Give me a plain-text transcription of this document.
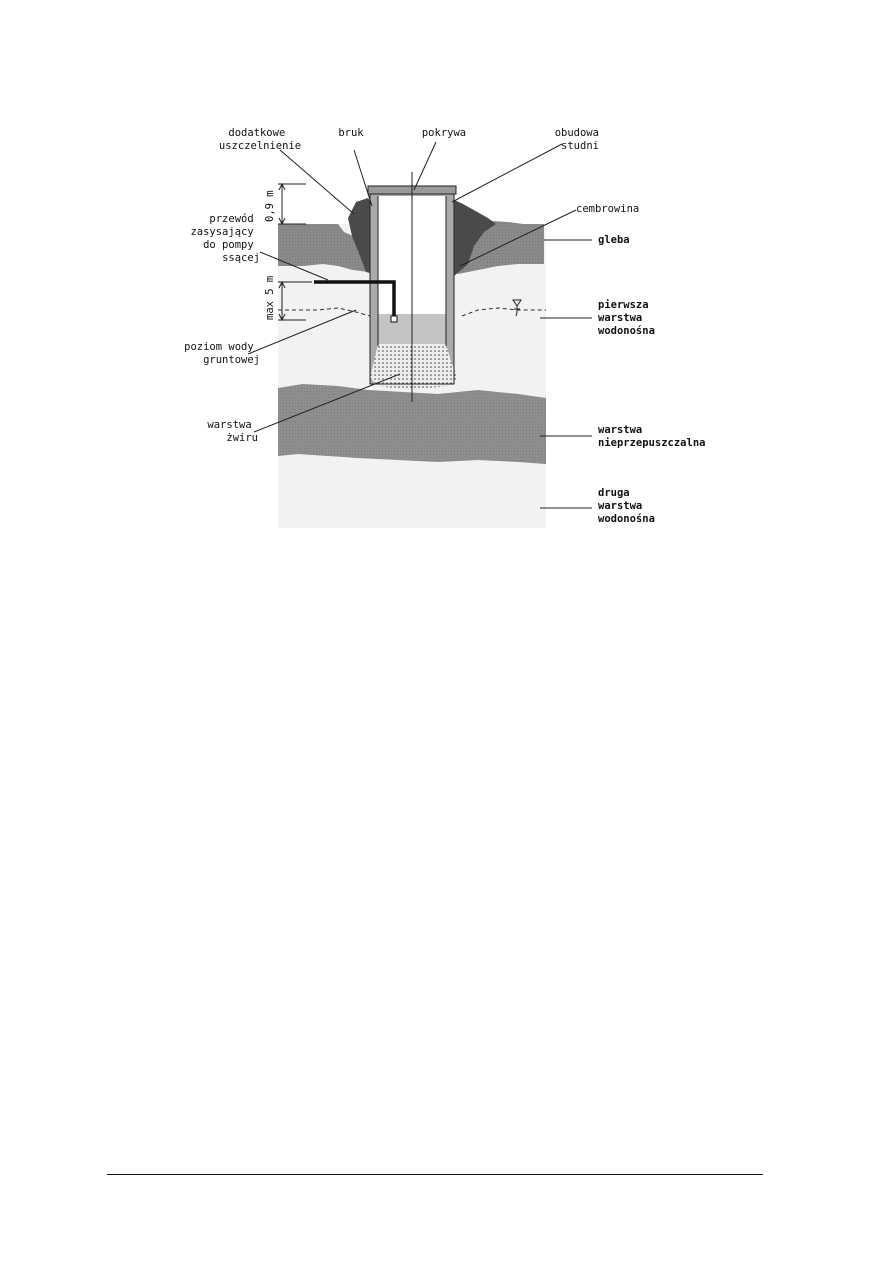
0,9 m
max 5 m
dodatkowe uszczelnienie
bruk	pokrywa	obudowa studni
cembrowina
gleba
przewód zasysający do pompy ssącej
pierwsza warstwa wodonośna
poziom wody gruntowej
warstwa żwiru
warstwa nieprzepuszczalna
druga warstwa wodonośna
